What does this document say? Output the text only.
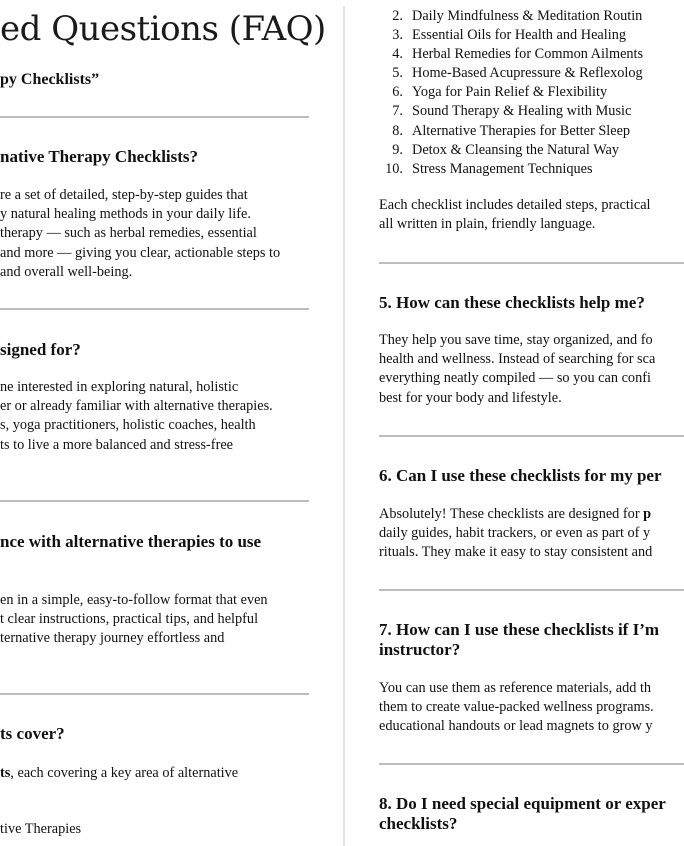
ed Questions (FAQ)
py Checklists”
native Therapy Checklists?
re a set of detailed, step-by-step guides that
y natural healing methods in your daily life.
therapy — such as herbal remedies, essential
and more — giving you clear, actionable steps to
and overall well-being.
signed for?
ne interested in exploring natural, holistic
er or already familiar with alternative therapies.
s, yoga practitioners, holistic coaches, health
ts to live a more balanced and stress-free
nce with alternative therapies to use
en in a simple, easy-to-follow format that even
t clear instructions, practical tips, and helpful
ternative therapy journey effortless and
ts cover?
ts, each covering a key area of alternative
tive Therapies
2. Daily Mindfulness & Meditation Routin
3. Essential Oils for Health and Healing
4. Herbal Remedies for Common Ailments
5. Home-Based Acupressure & Reflexolog
6. Yoga for Pain Relief & Flexibility
7. Sound Therapy & Healing with Music
8. Alternative Therapies for Better Sleep
9. Detox & Cleansing the Natural Way
10. Stress Management Techniques
Each checklist includes detailed steps, practical
all written in plain, friendly language.
5. How can these checklists help me?
They help you save time, stay organized, and fo
health and wellness. Instead of searching for sca
everything neatly compiled — so you can confi
best for your body and lifestyle.
6. Can I use these checklists for my per
Absolutely! These checklists are designed for p
daily guides, habit trackers, or even as part of y
rituals. They make it easy to stay consistent and
7. How can I use these checklists if I’m
instructor?
You can use them as reference materials, add th
them to create value-packed wellness programs.
educational handouts or lead magnets to grow y
8. Do I need special equipment or exper
checklists?
